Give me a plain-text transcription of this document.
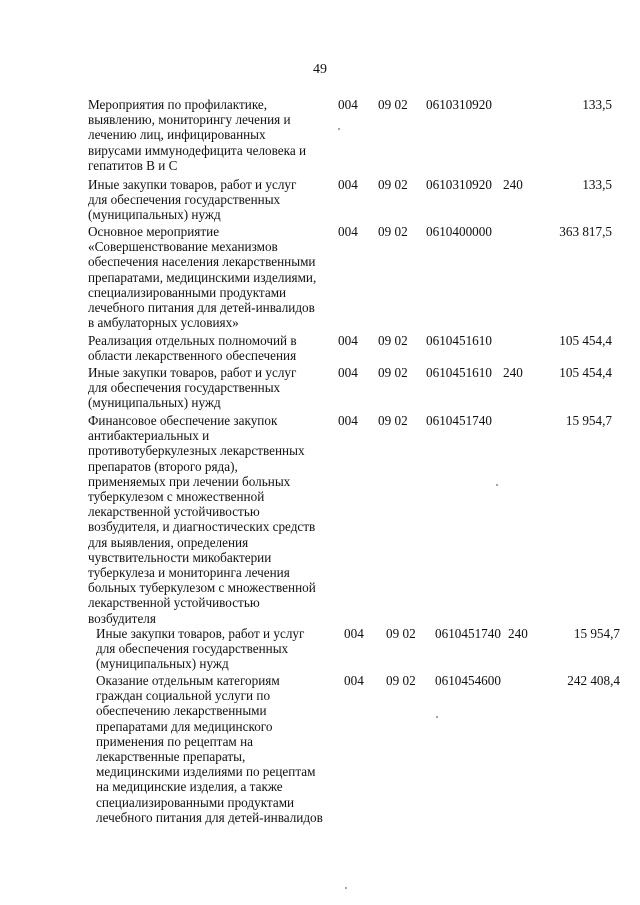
49
Мероприятия по профилактике,
выявлению, мониторингу лечения и
лечению лиц, инфицированных
вирусами иммунодефицита человека и
гепатитов В и С
004 09 02 0610310920	133,5
Иные закупки товаров, работ и услуг
для обеспечения государственных
(муниципальных) нужд
004 09 02 0610310920 240	133,5
Основное мероприятие
«Совершенствование механизмов
обеспечения населения лекарственными
препаратами, медицинскими изделиями,
специализированными продуктами
лечебного питания для детей-инвалидов
в амбулаторных условиях»
004 09 02 0610400000	363 817,5
Реализация отдельных полномочий в
области лекарственного обеспечения
004 09 02 0610451610	105 454,4
Иные закупки товаров, работ и услуг
для обеспечения государственных
(муниципальных) нужд
004 09 02 0610451610 240	105 454,4
Финансовое обеспечение закупок
антибактериальных и
противотуберкулезных лекарственных
препаратов (второго ряда),
применяемых при лечении больных
туберкулезом с множественной
лекарственной устойчивостью
возбудителя, и диагностических средств
для выявления, определения
чувствительности микобактерии
туберкулеза и мониторинга лечения
больных туберкулезом с множественной
лекарственной устойчивостью
возбудителя
004 09 02 0610451740	15 954,7
Иные закупки товаров, работ и услуг
для обеспечения государственных
(муниципальных) нужд
004 09 02 0610451740 240	15 954,7
Оказание отдельным категориям
граждан социальной услуги по
обеспечению лекарственными
препаратами для медицинского
применения по рецептам на
лекарственные препараты,
медицинскими изделиями по рецептам
на медицинские изделия, а также
специализированными продуктами
лечебного питания для детей-инвалидов
004 09 02 0610454600	242 408,4
